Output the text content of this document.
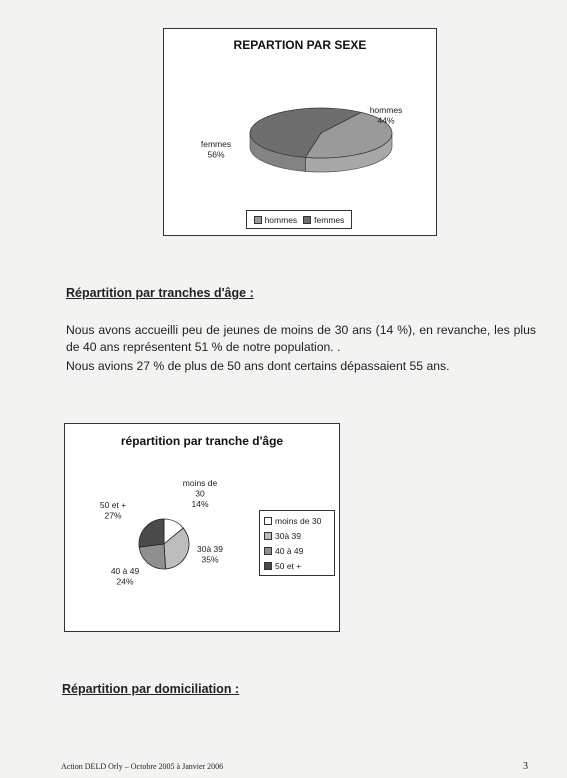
REPARTION PAR SEXE
hommes 44%
femmes 56%
hommes femmes
Répartition par tranches d'âge :

Nous avons accueilli peu de jeunes de moins de 30 ans (14 %), en revanche, les plus de 40 ans représentent 51 % de notre population. .

Nous avions 27 % de plus de 50 ans dont certains dépassaient 55 ans.

répartition par tranche d'âge
moins de 30 14%
30à 39 35%
40 à 49 24%
50 et + 27%	moins de 30
30à 39
40 à 49
50 et +
Répartition par domiciliation :
Action DELD Orly – Octobre 2005 à Janvier 2006	3
